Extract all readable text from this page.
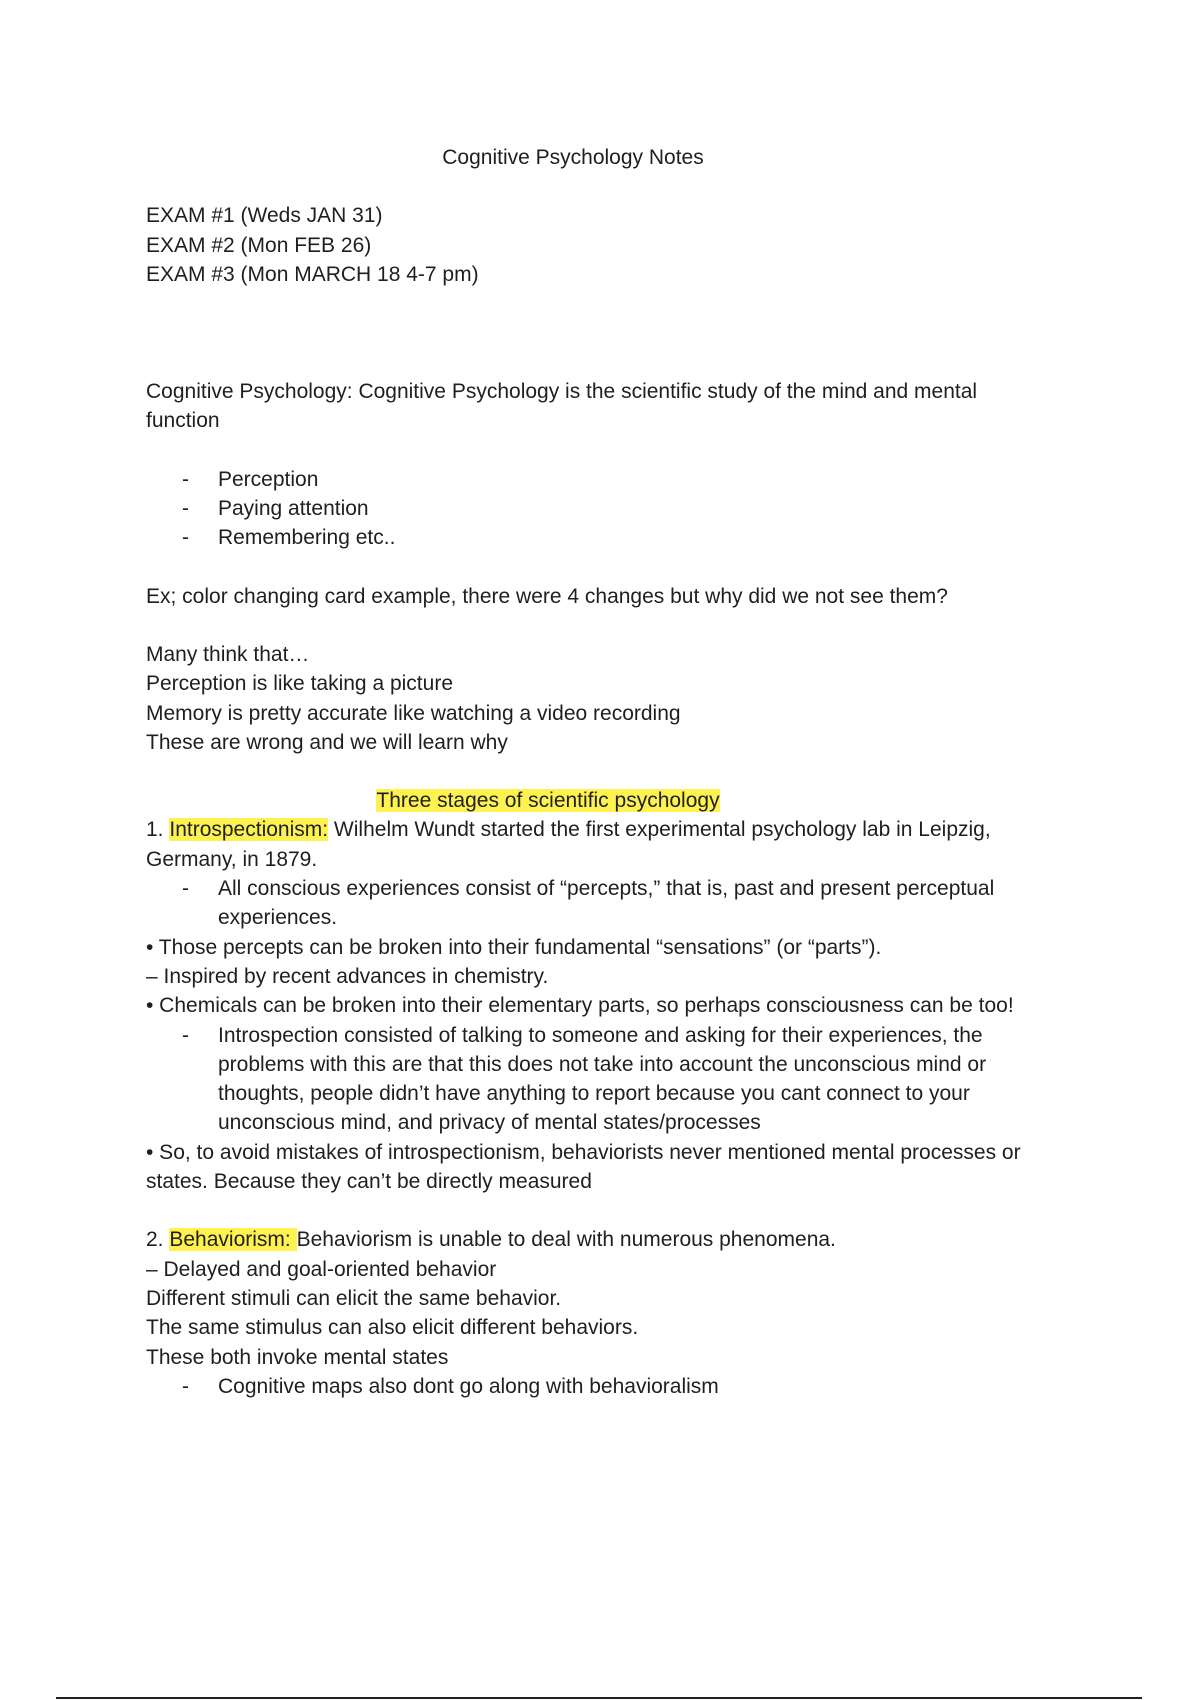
Cognitive Psychology Notes

EXAM #1 (Weds JAN 31)

EXAM #2 (Mon FEB 26)

EXAM #3 (Mon MARCH 18 4-7 pm)

Cognitive Psychology: Cognitive Psychology is the scientific study of the mind and mental function

- Perception
- Paying attention
- Remembering etc..

Ex; color changing card example, there were 4 changes but why did we not see them?

Many think that…

Perception is like taking a picture

Memory is pretty accurate like watching a video recording

These are wrong and we will learn why

Three stages of scientific psychology

1. Introspectionism: Wilhelm Wundt started the first experimental psychology lab in Leipzig, Germany, in 1879.

- All conscious experiences consist of “percepts,” that is, past and present perceptual experiences.

• Those percepts can be broken into their fundamental “sensations” (or “parts”).

– Inspired by recent advances in chemistry.

• Chemicals can be broken into their elementary parts, so perhaps consciousness can be too!

- Introspection consisted of talking to someone and asking for their experiences, the problems with this are that this does not take into account the unconscious mind or thoughts, people didn’t have anything to report because you cant connect to your unconscious mind, and privacy of mental states/processes

• So, to avoid mistakes of introspectionism, behaviorists never mentioned mental processes or states. Because they can’t be directly measured

2. Behaviorism: Behaviorism is unable to deal with numerous phenomena.

– Delayed and goal-oriented behavior

Different stimuli can elicit the same behavior.

The same stimulus can also elicit different behaviors.

These both invoke mental states

- Cognitive maps also dont go along with behavioralism
